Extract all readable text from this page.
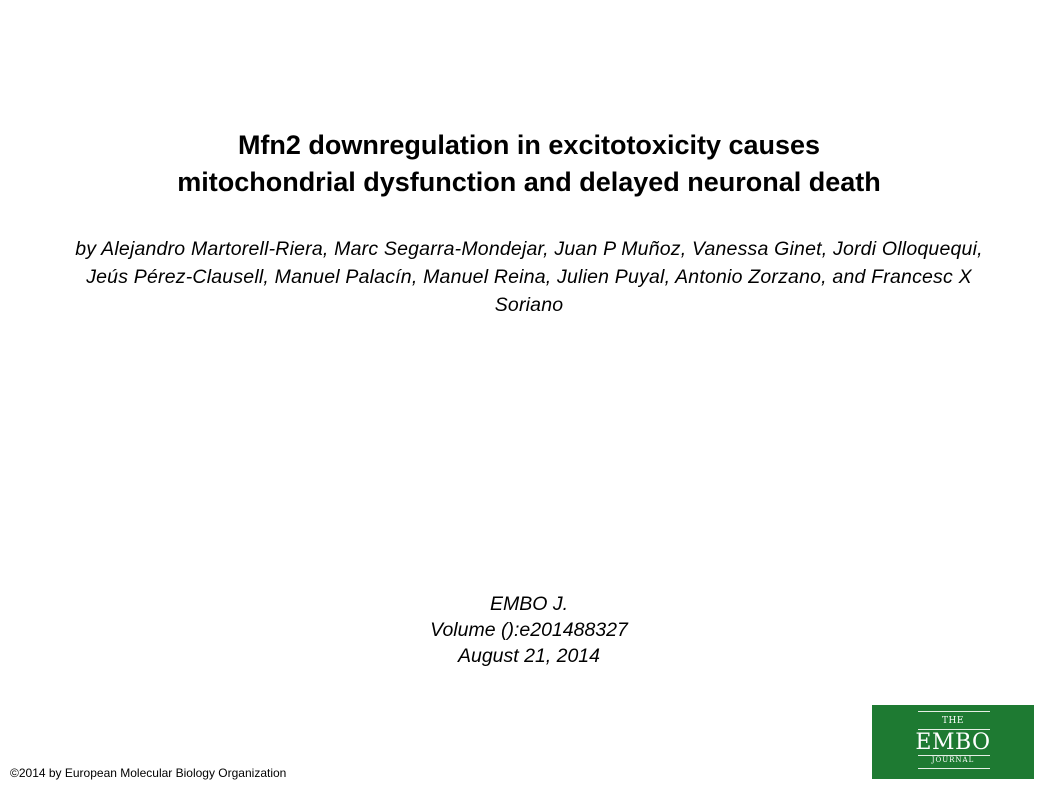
Mfn2 downregulation in excitotoxicity causes
mitochondrial dysfunction and delayed neuronal death

by Alejandro Martorell-Riera, Marc Segarra-Mondejar, Juan P Muñoz, Vanessa Ginet, Jordi Olloquequi, Jeús Pérez-Clausell, Manuel Palacín, Manuel Reina, Julien Puyal, Antonio Zorzano, and Francesc X Soriano

EMBO J.
Volume ():e201488327
August 21, 2014

©2014 by European Molecular Biology Organization

THE
EMBO
JOURNAL
